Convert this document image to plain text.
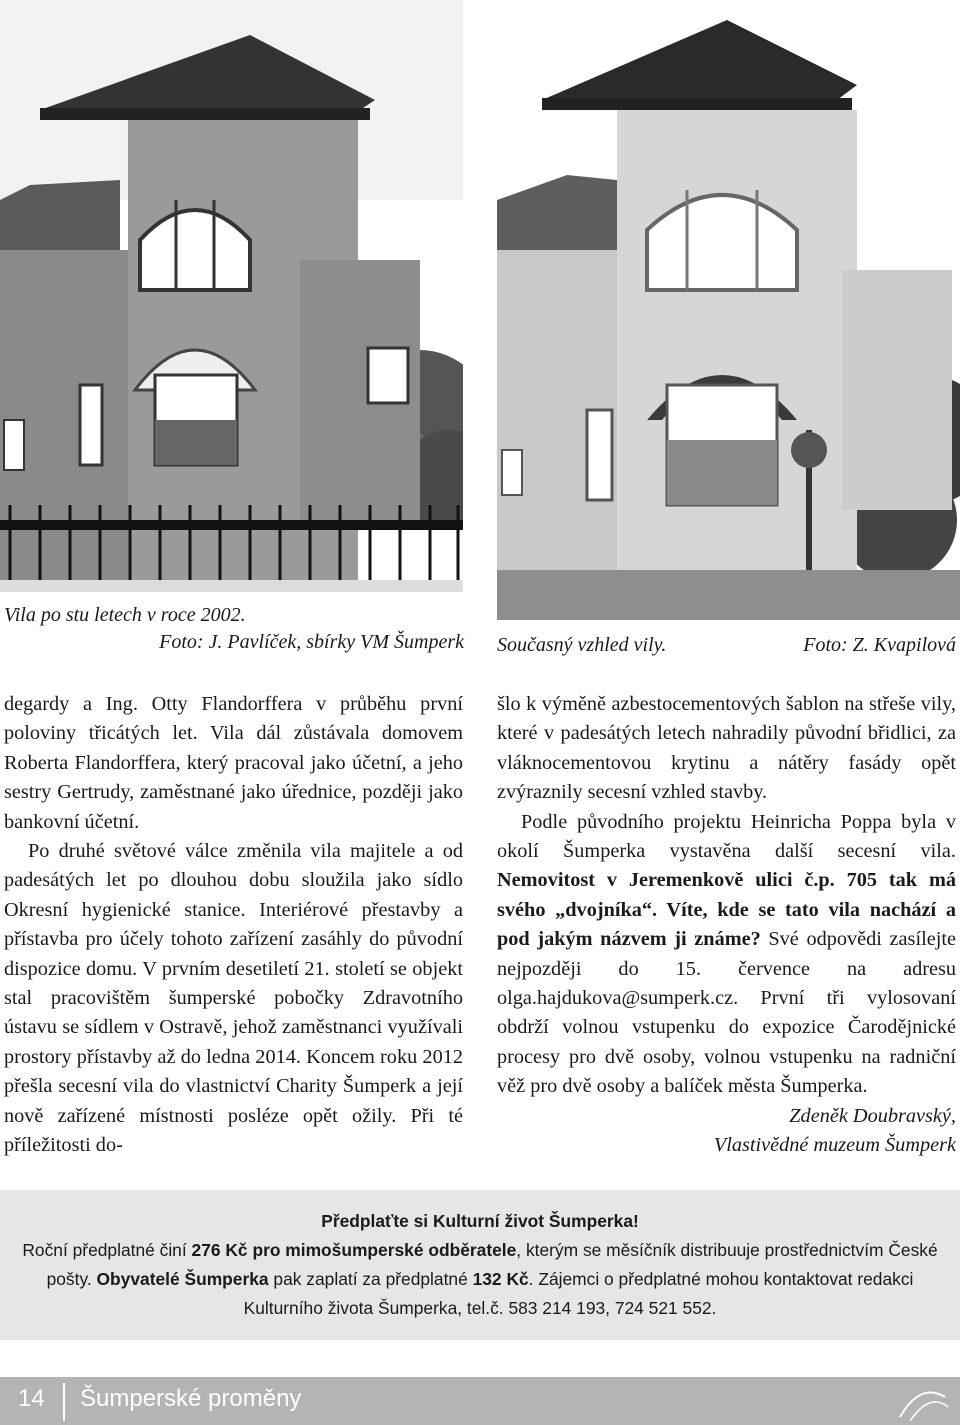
Vila po stu letech v roce 2002.
Foto: J. Pavlíček, sbírky VM Šumperk Současný vzhled vily.	Foto: Z. Kvapilová

degardy a Ing. Otty Flandorffera v průběhu první poloviny třicátých let. Vila dál zůstávala domovem Roberta Flandorffera, který pracoval jako účetní, a jeho sestry Gertrudy, zaměstnané jako úřednice, později jako bankovní účetní.

Po druhé světové válce změnila vila majitele a od padesátých let po dlouhou dobu sloužila jako sídlo Okresní hygienické stanice. Interiérové přestavby a přístavba pro účely tohoto zařízení zasáhly do původní dispozice domu. V prvním desetiletí 21. století se objekt stal pracovištěm šumperské pobočky Zdravotního ústavu se sídlem v Ostravě, jehož zaměstnanci využívali prostory přístavby až do ledna 2014. Koncem roku 2012 přešla secesní vila do vlastnictví Charity Šumperk a její nově zařízené místnosti posléze opět ožily. Při té příležitosti do-

šlo k výměně azbestocementových šablon na střeše vily, které v padesátých letech nahradily původní břidlici, za vláknocementovou krytinu a nátěry fasády opět zvýraznily secesní vzhled stavby.

Podle původního projektu Heinricha Poppa byla v okolí Šumperka vystavěna další secesní vila. Nemovitost v Jeremenkově ulici č.p. 705 tak má svého „dvojníka“. Víte, kde se tato vila nachází a pod jakým názvem ji známe? Své odpovědi zasílejte nejpozději do 15. července na adresu olga.hajdukova@sumperk.cz. První tři vylosovaní obdrží volnou vstupenku do expozice Čarodějnické procesy pro dvě osoby, volnou vstupenku na radniční věž pro dvě osoby a balíček města Šumperka.

Zdeněk Doubravský,

Vlastivědné muzeum Šumperk

Předplaťte si Kulturní život Šumperka!
Roční předplatné činí 276 Kč pro mimošumperské odběratele, kterým se měsíčník distribuuje prostřednictvím České pošty. Obyvatelé Šumperka pak zaplatí za předplatné 132 Kč. Zájemci o předplatné mohou kontaktovat redakci Kulturního života Šumperka, tel.č. 583 214 193, 724 521 552.
14 Šumperské proměny
